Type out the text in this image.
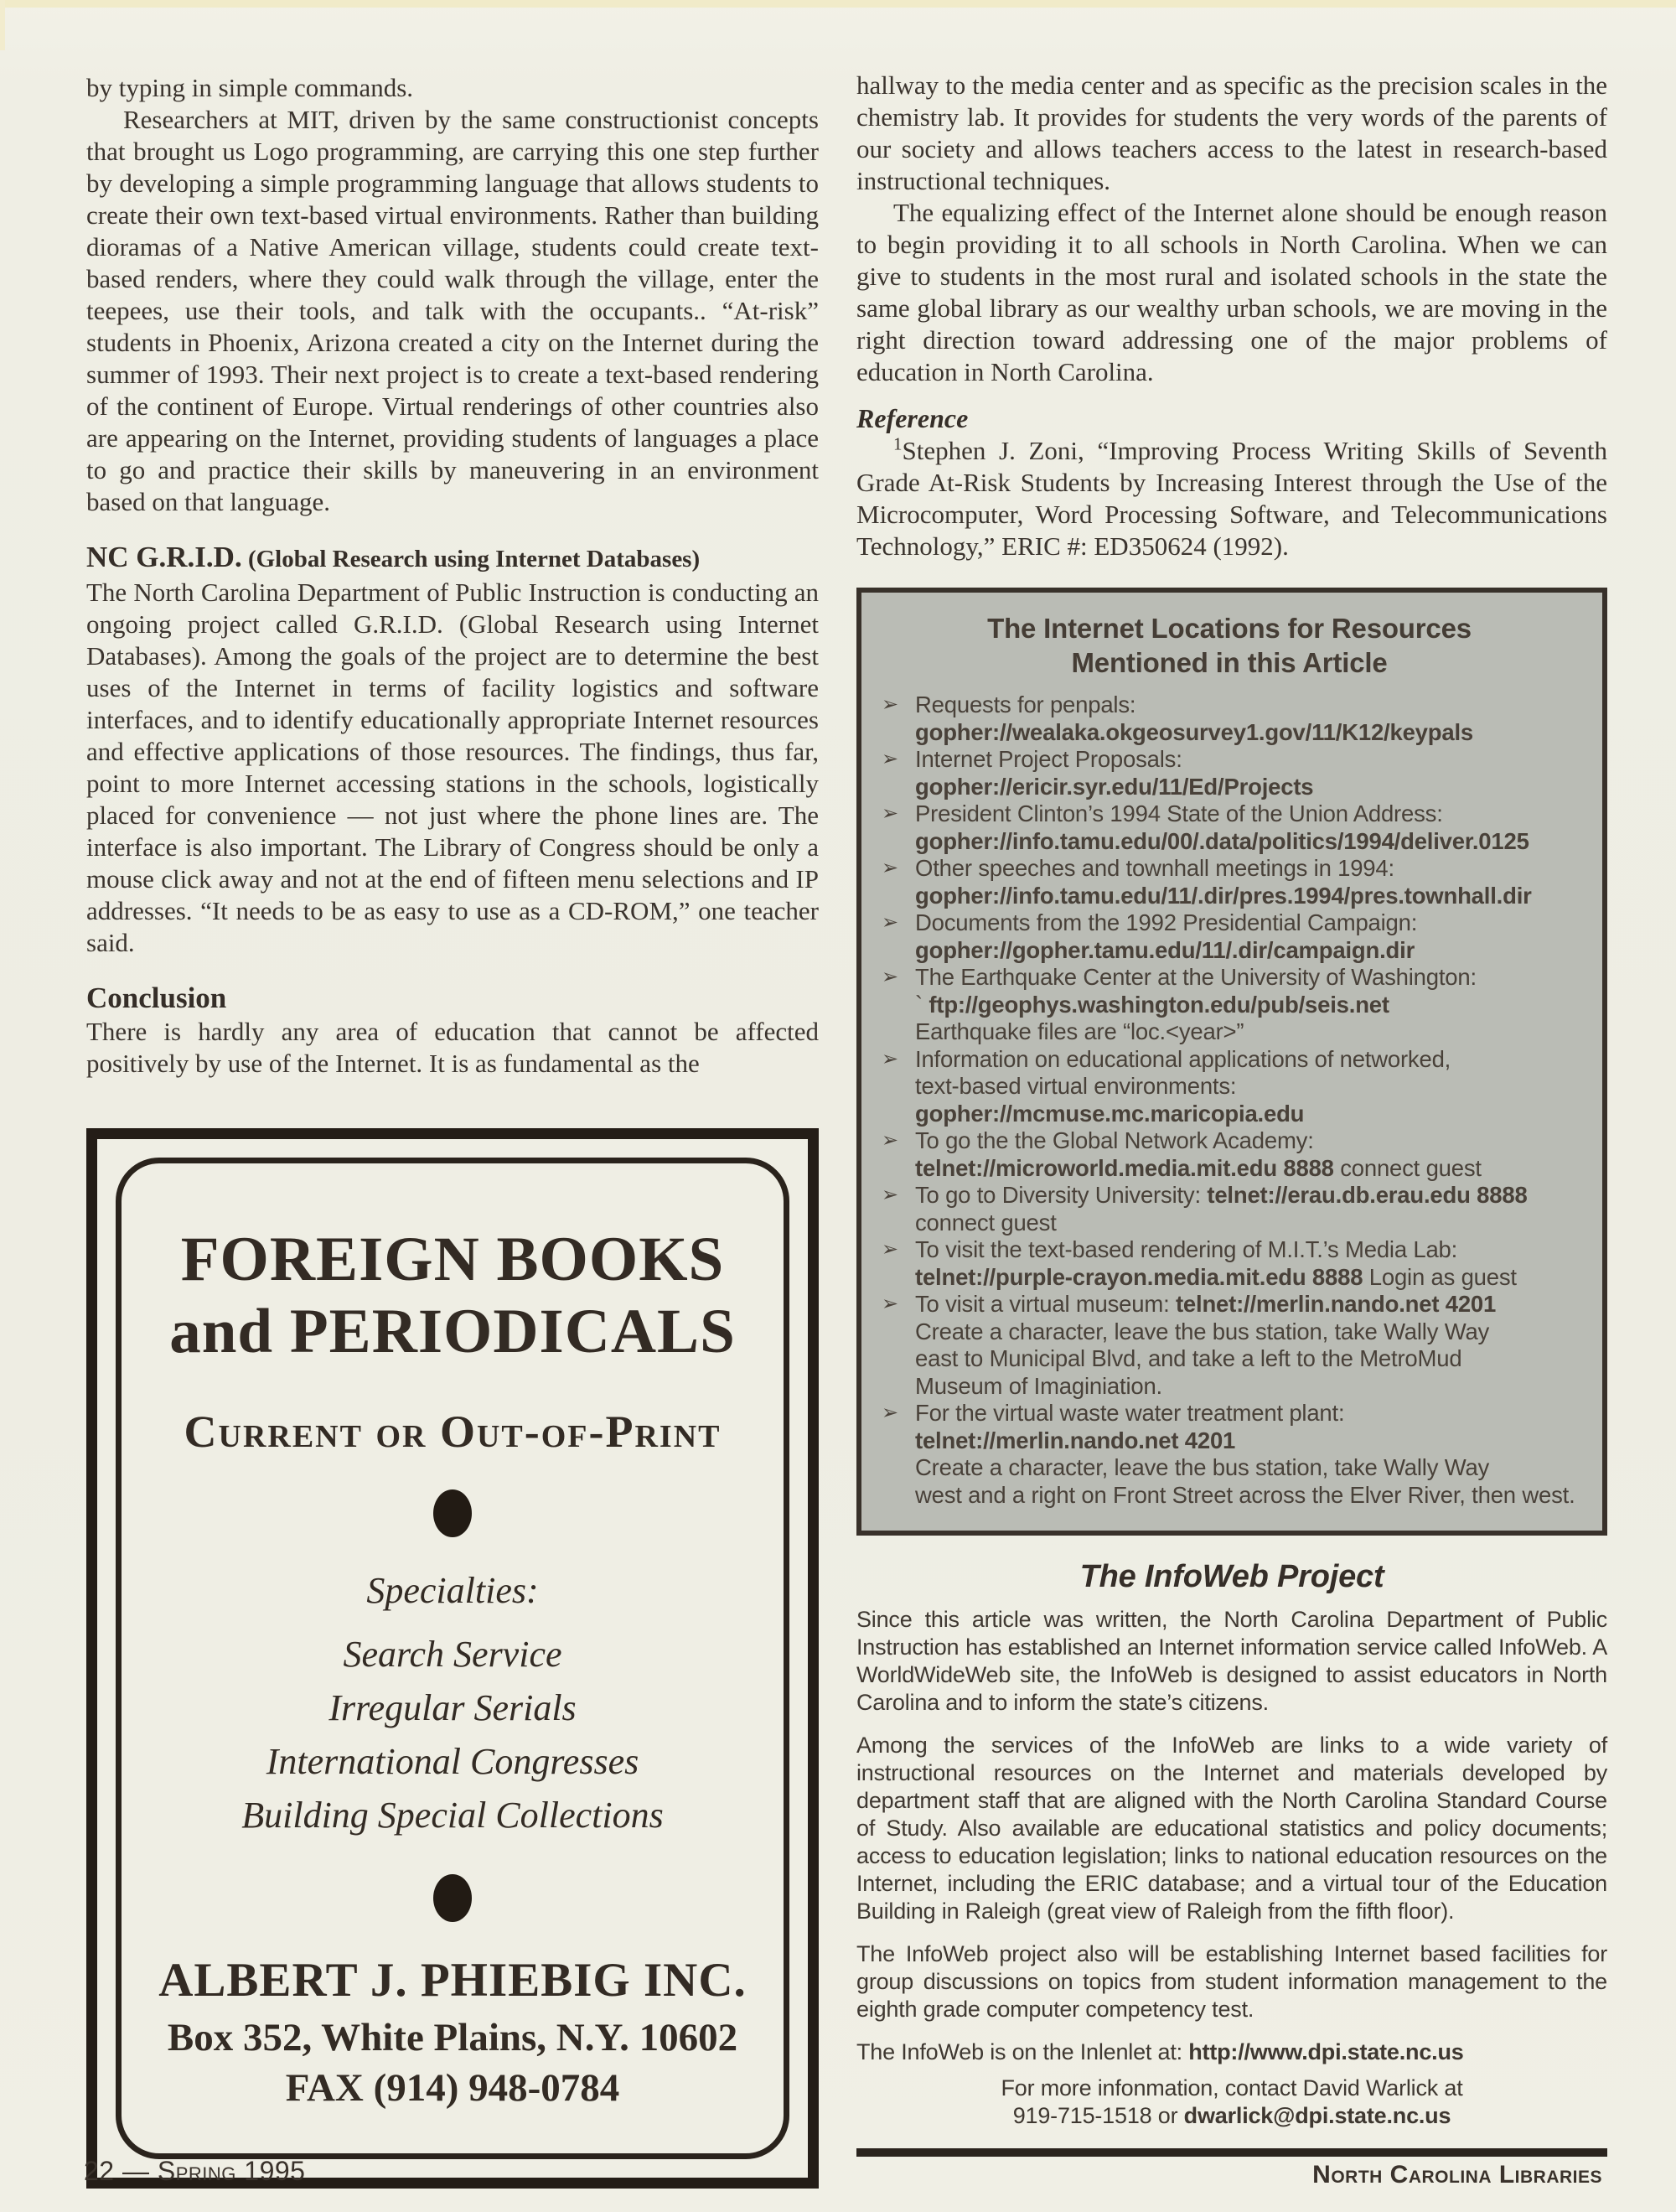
by typing in simple commands.

Researchers at MIT, driven by the same constructionist concepts that brought us Logo programming, are carrying this one step further by developing a simple programming language that allows students to create their own text-based virtual environments. Rather than building dioramas of a Native American village, students could create text-based renders, where they could walk through the village, enter the teepees, use their tools, and talk with the occupants.. “At-risk” students in Phoenix, Arizona created a city on the Internet during the summer of 1993. Their next project is to create a text-based rendering of the continent of Europe. Virtual renderings of other countries also are appearing on the Internet, providing students of languages a place to go and practice their skills by maneuvering in an environment based on that language.

NC G.R.I.D. (Global Research using Internet Databases)

The North Carolina Department of Public Instruction is conducting an ongoing project called G.R.I.D. (Global Research using Internet Databases). Among the goals of the project are to determine the best uses of the Internet in terms of facility logistics and software interfaces, and to identify educationally appropriate Internet resources and effective applications of those resources. The findings, thus far, point to more Internet accessing stations in the schools, logistically placed for convenience — not just where the phone lines are. The interface is also important. The Library of Congress should be only a mouse click away and not at the end of fifteen menu selections and IP addresses. “It needs to be as easy to use as a CD-ROM,” one teacher said.

Conclusion

There is hardly any area of education that cannot be affected positively by use of the Internet. It is as fundamental as the

FOREIGN BOOKS
and PERIODICALS
Current or Out-of-Print
Specialties:
Search Service
Irregular Serials
International Congresses
Building Special Collections
ALBERT J. PHIEBIG INC.
Box 352, White Plains, N.Y. 10602
FAX (914) 948-0784

hallway to the media center and as specific as the precision scales in the chemistry lab. It provides for students the very words of the parents of our society and allows teachers access to the latest in research-based instructional techniques.

The equalizing effect of the Internet alone should be enough reason to begin providing it to all schools in North Carolina. When we can give to students in the most rural and isolated schools in the state the same global library as our wealthy urban schools, we are moving in the right direction toward addressing one of the major problems of education in North Carolina.

Reference

$^1$Stephen J. Zoni, “Improving Process Writing Skills of Seventh Grade At-Risk Students by Increasing Interest through the Use of the Microcomputer, Word Processing Software, and Telecommunications Technology,” ERIC #: ED350624 (1992).

The Internet Locations for Resources
Mentioned in this Article
➢ Requests for penpals:
gopher://wealaka.okgeosurvey1.gov/11/K12/keypals
➢ Internet Project Proposals:
gopher://ericir.syr.edu/11/Ed/Projects
➢ President Clinton’s 1994 State of the Union Address:
gopher://info.tamu.edu/00/.data/politics/1994/deliver.0125
➢ Other speeches and townhall meetings in 1994:
gopher://info.tamu.edu/11/.dir/pres.1994/pres.townhall.dir
➢ Documents from the 1992 Presidential Campaign:
gopher://gopher.tamu.edu/11/.dir/campaign.dir
➢ The Earthquake Center at the University of Washington:
` ftp://geophys.washington.edu/pub/seis.net
Earthquake files are “loc.<year>”
➢ Information on educational applications of networked,
text-based virtual environments:
gopher://mcmuse.mc.maricopia.edu
➢ To go the the Global Network Academy:
telnet://microworld.media.mit.edu 8888 connect guest
➢ To go to Diversity University: telnet://erau.db.erau.edu 8888
connect guest
➢ To visit the text-based rendering of M.I.T.’s Media Lab:
telnet://purple-crayon.media.mit.edu 8888 Login as guest
➢ To visit a virtual museum: telnet://merlin.nando.net 4201
Create a character, leave the bus station, take Wally Way
east to Municipal Blvd, and take a left to the MetroMud
Museum of Imaginiation.
➢ For the virtual waste water treatment plant:
telnet://merlin.nando.net 4201
Create a character, leave the bus station, take Wally Way
west and a right on Front Street across the Elver River, then west.
The InfoWeb Project

Since this article was written, the North Carolina Department of Public Instruction has established an Internet information service called InfoWeb. A WorldWideWeb site, the InfoWeb is designed to assist educators in North Carolina and to inform the state’s citizens.

Among the services of the InfoWeb are links to a wide variety of instructional resources on the Internet and materials developed by department staff that are aligned with the North Carolina Standard Course of Study. Also available are educational statistics and policy documents; access to education legislation; links to national education resources on the Internet, including the ERIC database; and a virtual tour of the Education Building in Raleigh (great view of Raleigh from the fifth floor).

The InfoWeb project also will be establishing Internet based facilities for group discussions on topics from student information management to the eighth grade computer competency test.

The InfoWeb is on the Inlenlet at: http://www.dpi.state.nc.us

For more infonmation, contact David Warlick at

919-715-1518 or dwarlick@dpi.state.nc.us

22 — Spring 1995	North Carolina Libraries
